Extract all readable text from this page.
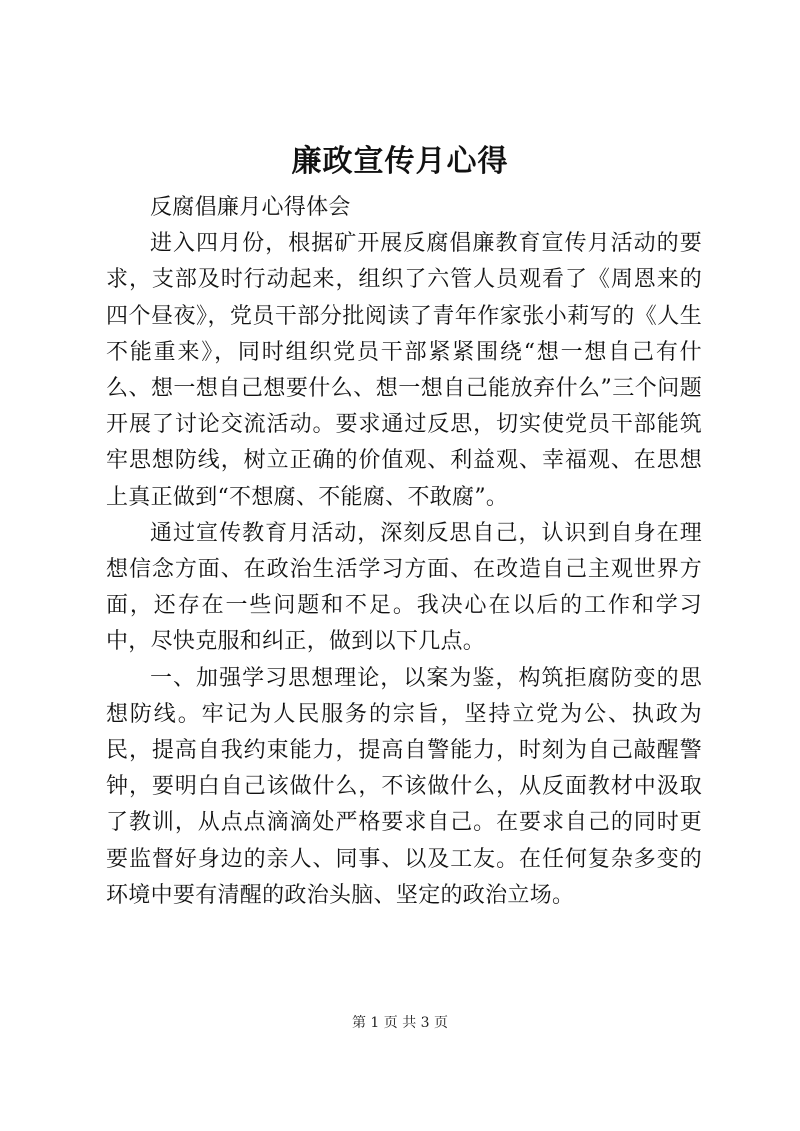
廉政宣传月心得

反腐倡廉月心得体会

进入四月份，根据矿开展反腐倡廉教育宣传月活动的要求，支部及时行动起来，组织了六管人员观看了《周恩来的四个昼夜》，党员干部分批阅读了青年作家张小莉写的《人生不能重来》，同时组织党员干部紧紧围绕“想一想自己有什么、想一想自己想要什么、想一想自己能放弃什么”三个问题开展了讨论交流活动。要求通过反思，切实使党员干部能筑牢思想防线，树立正确的价值观、利益观、幸福观、在思想上真正做到“不想腐、不能腐、不敢腐”。

通过宣传教育月活动，深刻反思自己，认识到自身在理想信念方面、在政治生活学习方面、在改造自己主观世界方面，还存在一些问题和不足。我决心在以后的工作和学习中，尽快克服和纠正，做到以下几点。

一、加强学习思想理论，以案为鉴，构筑拒腐防变的思想防线。牢记为人民服务的宗旨，坚持立党为公、执政为民，提高自我约束能力，提高自警能力，时刻为自己敲醒警钟，要明白自己该做什么，不该做什么，从反面教材中汲取了教训，从点点滴滴处严格要求自己。在要求自己的同时更要监督好身边的亲人、同事、以及工友。在任何复杂多变的环境中要有清醒的政治头脑、坚定的政治立场。

第 1 页 共 3 页
